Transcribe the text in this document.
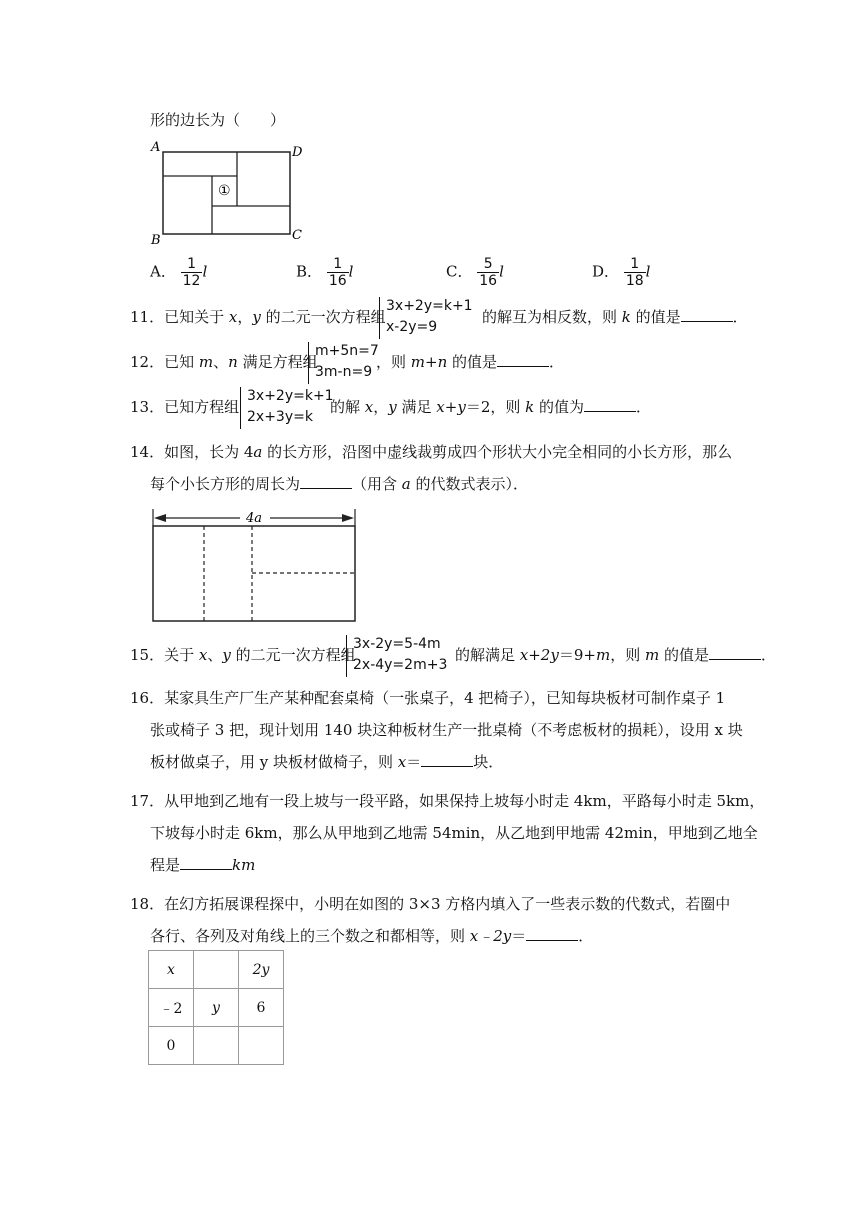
形的边长为（　　）
A	D
B	C
①
A． $\frac{1}{12}$ l	B． $\frac{1}{16}$ l	C． $\frac{5}{16}$ l	D． $\frac{1}{18}$ l
11．已知关于 x，y 的二元一次方程组
3x+2y=k+1
x-2y=9
的解互为相反数，则 k 的值是	．
12．已知 m、n 满足方程组
m+5n=7
3m-n=9
，则 m+n 的值是	．
13．已知方程组
3x+2y=k+1
2x+3y=k
的解 x，y 满足 x+y＝2，则 k 的值为	．
14．如图，长为 4a 的长方形，沿图中虚线裁剪成四个形状大小完全相同的小长方形，那么
每个小长方形的周长为	（用含 a 的代数式表示）．
4a
15．关于 x、y 的二元一次方程组
3x-2y=5-4m
2x-4y=2m+3
的解满足 x+2y＝9+m，则 m 的值是	．
16．某家具生产厂生产某种配套桌椅（一张桌子，4 把椅子），已知每块板材可制作桌子 1
张或椅子 3 把，现计划用 140 块这种板材生产一批桌椅（不考虑板材的损耗），设用 x 块
板材做桌子，用 y 块板材做椅子，则 x＝	块．
17．从甲地到乙地有一段上坡与一段平路，如果保持上坡每小时走 4km，平路每小时走 5km，
下坡每小时走 6km，那么从甲地到乙地需 54min，从乙地到甲地需 42min，甲地到乙地全
程是	km
18．在幻方拓展课程探中，小明在如图的 3×3 方格内填入了一些表示数的代数式，若圈中
各行、各列及对角线上的三个数之和都相等，则 x﹣2y＝	．
x		2y
﹣2	y	6
0		
